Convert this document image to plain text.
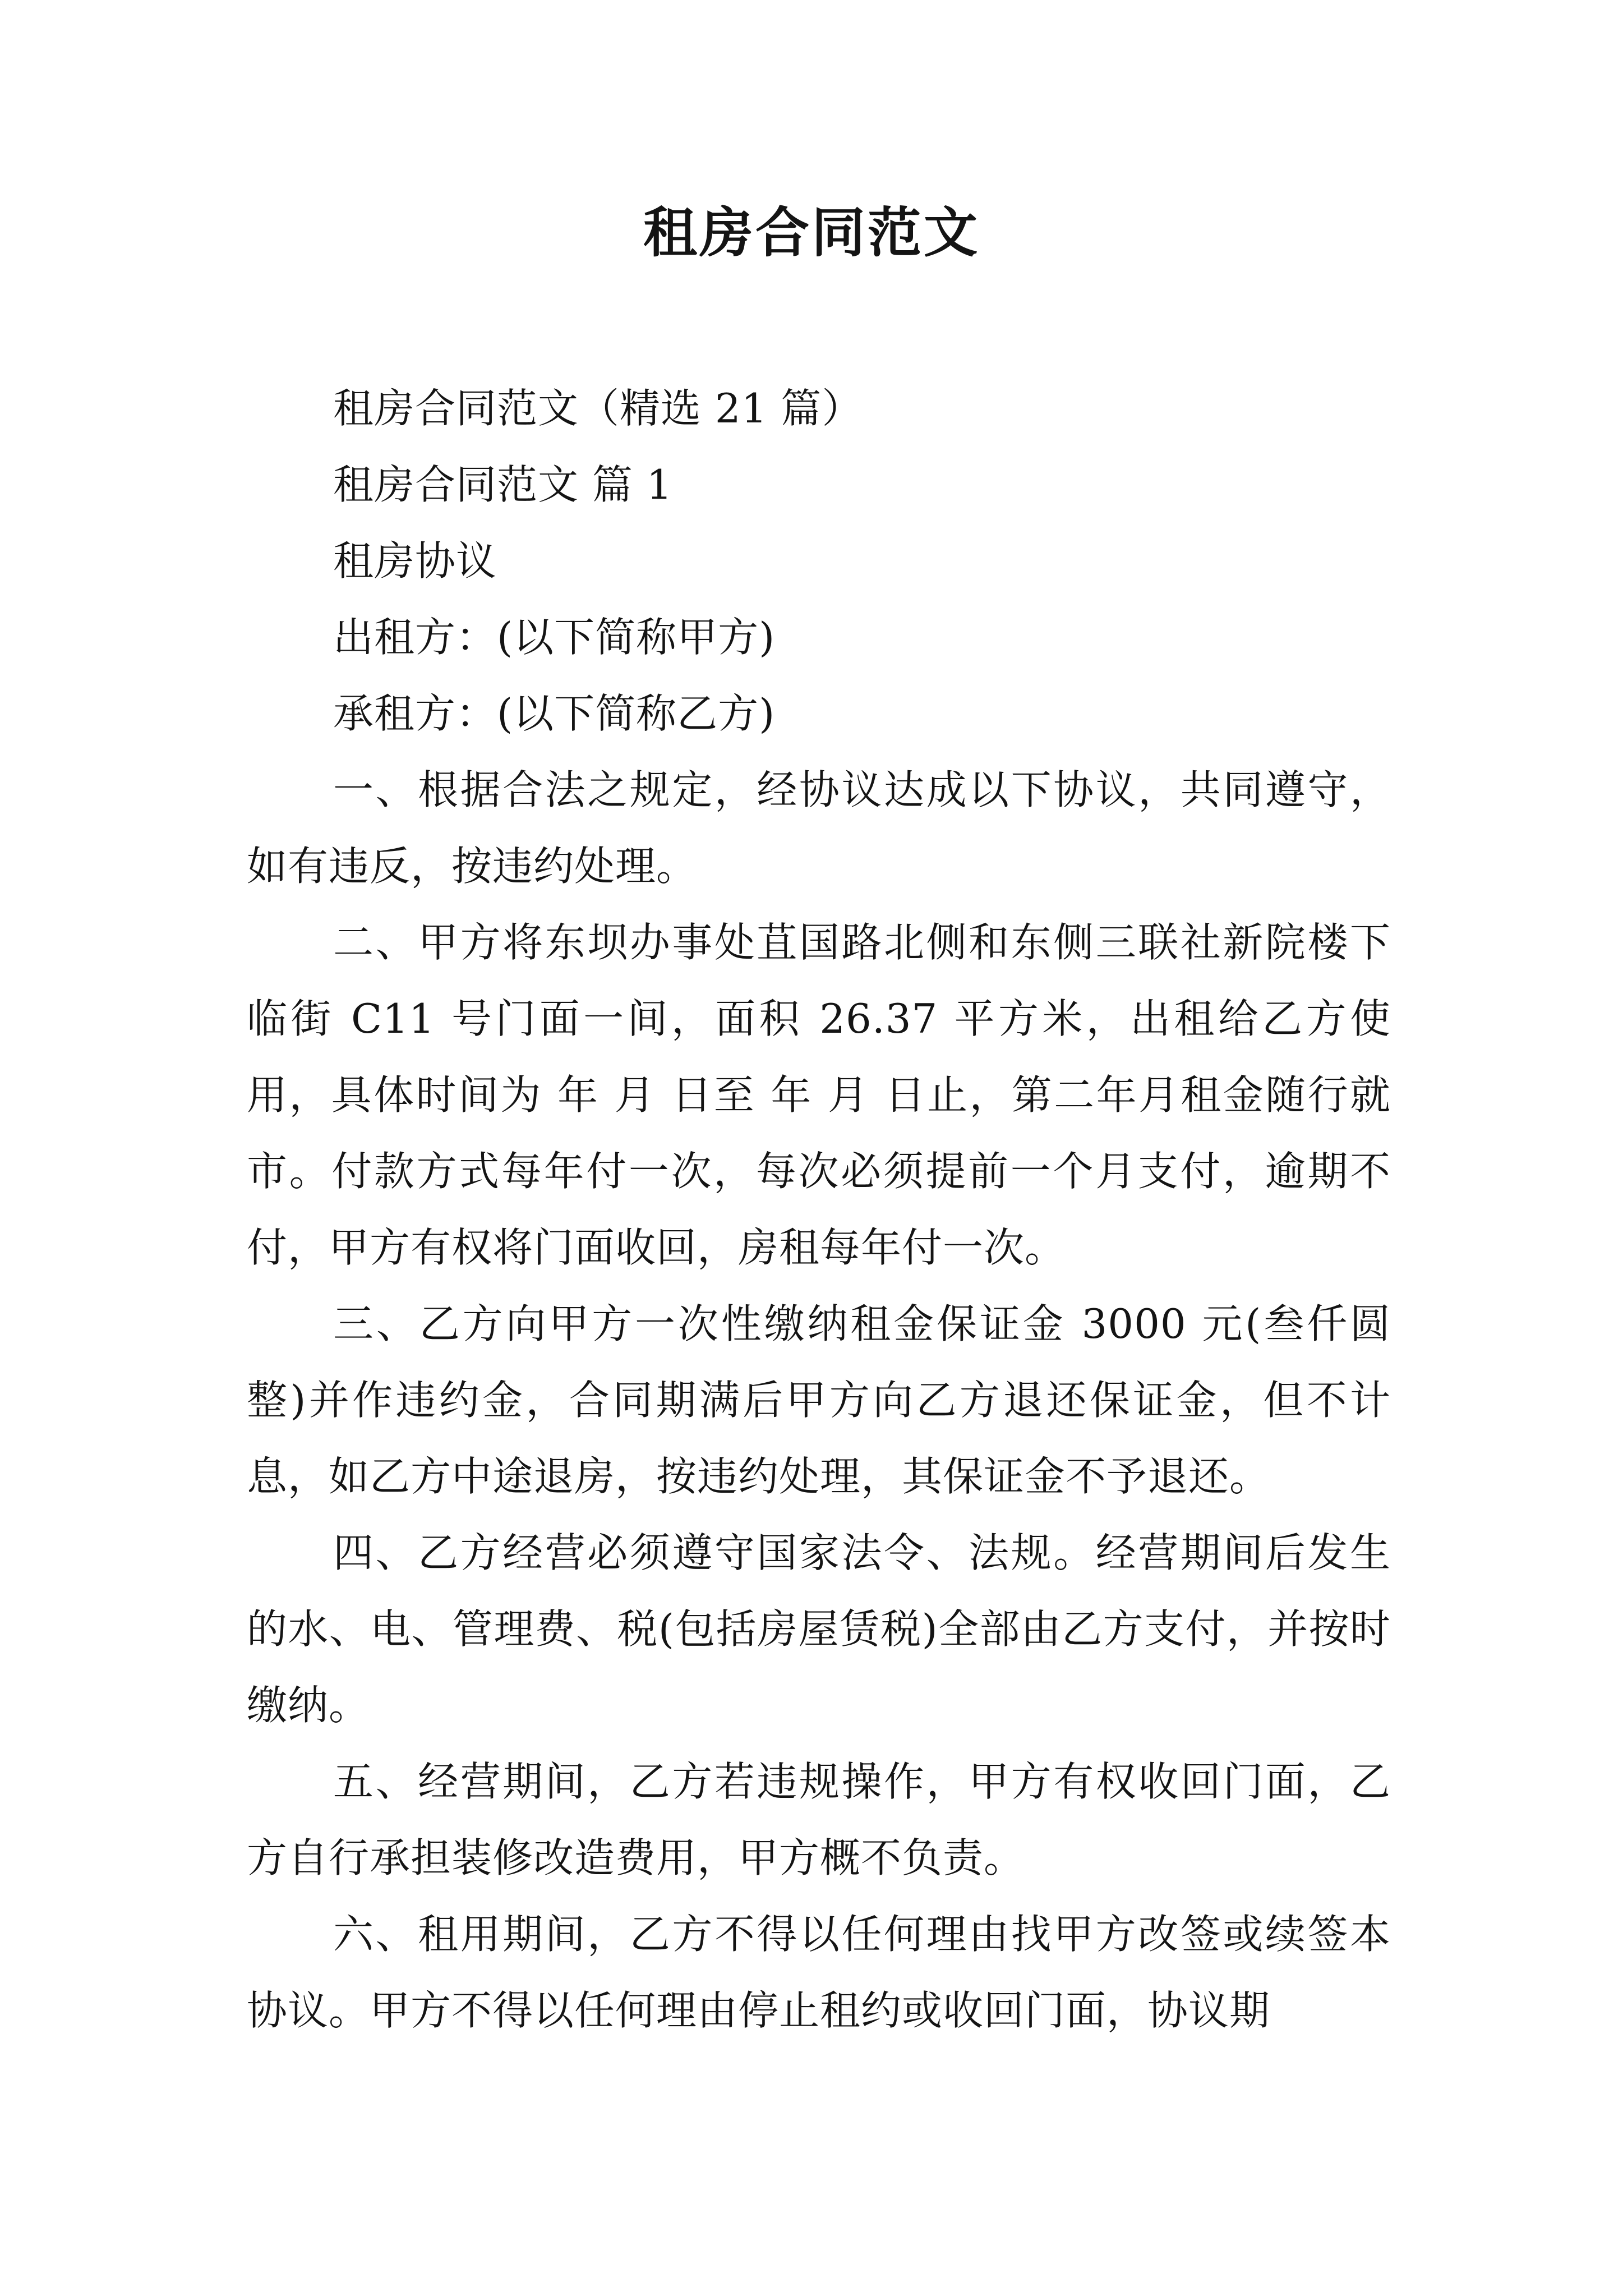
租房合同范文

租房合同范文（精选 21 篇）

租房合同范文 篇 1

租房协议

出租方：(以下简称甲方)

承租方：(以下简称乙方)

一、根据合法之规定，经协议达成以下协议，共同遵守，如有违反，按违约处理。

二、甲方将东坝办事处苴国路北侧和东侧三联社新院楼下临街 C11 号门面一间，面积 26.37 平方米，出租给乙方使用，具体时间为 年 月 日至 年 月 日止，第二年月租金随行就市。付款方式每年付一次，每次必须提前一个月支付，逾期不付，甲方有权将门面收回，房租每年付一次。

三、乙方向甲方一次性缴纳租金保证金 3000 元(叁仟圆整)并作违约金，合同期满后甲方向乙方退还保证金，但不计息，如乙方中途退房，按违约处理，其保证金不予退还。

四、乙方经营必须遵守国家法令、法规。经营期间后发生的水、电、管理费、税(包括房屋赁税)全部由乙方支付，并按时缴纳。

五、经营期间，乙方若违规操作，甲方有权收回门面，乙方自行承担装修改造费用，甲方概不负责。

六、租用期间，乙方不得以任何理由找甲方改签或续签本协议。甲方不得以任何理由停止租约或收回门面，协议期
